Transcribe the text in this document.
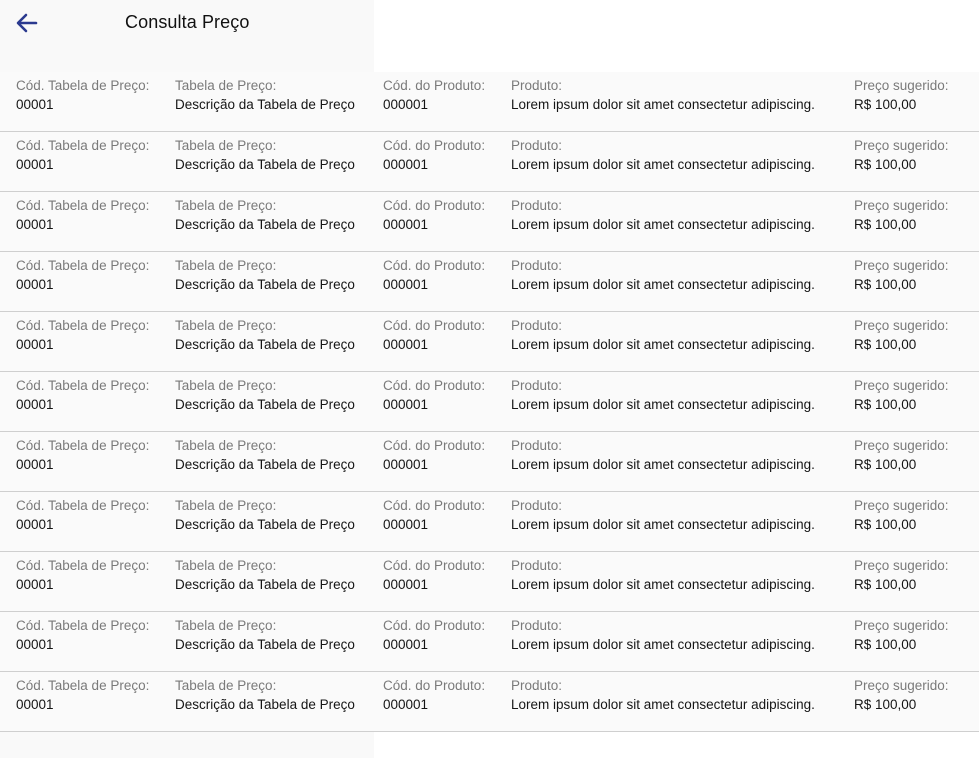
Consulta Preço
Cód. Tabela de Preço:
00001
Tabela de Preço:
Descrição da Tabela de Preço
Cód. do Produto:
000001
Produto:
Lorem ipsum dolor sit amet consectetur adipiscing.
Preço sugerido:
R$ 100,00
Cód. Tabela de Preço:
00001
Tabela de Preço:
Descrição da Tabela de Preço
Cód. do Produto:
000001
Produto:
Lorem ipsum dolor sit amet consectetur adipiscing.
Preço sugerido:
R$ 100,00
Cód. Tabela de Preço:
00001
Tabela de Preço:
Descrição da Tabela de Preço
Cód. do Produto:
000001
Produto:
Lorem ipsum dolor sit amet consectetur adipiscing.
Preço sugerido:
R$ 100,00
Cód. Tabela de Preço:
00001
Tabela de Preço:
Descrição da Tabela de Preço
Cód. do Produto:
000001
Produto:
Lorem ipsum dolor sit amet consectetur adipiscing.
Preço sugerido:
R$ 100,00
Cód. Tabela de Preço:
00001
Tabela de Preço:
Descrição da Tabela de Preço
Cód. do Produto:
000001
Produto:
Lorem ipsum dolor sit amet consectetur adipiscing.
Preço sugerido:
R$ 100,00
Cód. Tabela de Preço:
00001
Tabela de Preço:
Descrição da Tabela de Preço
Cód. do Produto:
000001
Produto:
Lorem ipsum dolor sit amet consectetur adipiscing.
Preço sugerido:
R$ 100,00
Cód. Tabela de Preço:
00001
Tabela de Preço:
Descrição da Tabela de Preço
Cód. do Produto:
000001
Produto:
Lorem ipsum dolor sit amet consectetur adipiscing.
Preço sugerido:
R$ 100,00
Cód. Tabela de Preço:
00001
Tabela de Preço:
Descrição da Tabela de Preço
Cód. do Produto:
000001
Produto:
Lorem ipsum dolor sit amet consectetur adipiscing.
Preço sugerido:
R$ 100,00
Cód. Tabela de Preço:
00001
Tabela de Preço:
Descrição da Tabela de Preço
Cód. do Produto:
000001
Produto:
Lorem ipsum dolor sit amet consectetur adipiscing.
Preço sugerido:
R$ 100,00
Cód. Tabela de Preço:
00001
Tabela de Preço:
Descrição da Tabela de Preço
Cód. do Produto:
000001
Produto:
Lorem ipsum dolor sit amet consectetur adipiscing.
Preço sugerido:
R$ 100,00
Cód. Tabela de Preço:
00001
Tabela de Preço:
Descrição da Tabela de Preço
Cód. do Produto:
000001
Produto:
Lorem ipsum dolor sit amet consectetur adipiscing.
Preço sugerido:
R$ 100,00
